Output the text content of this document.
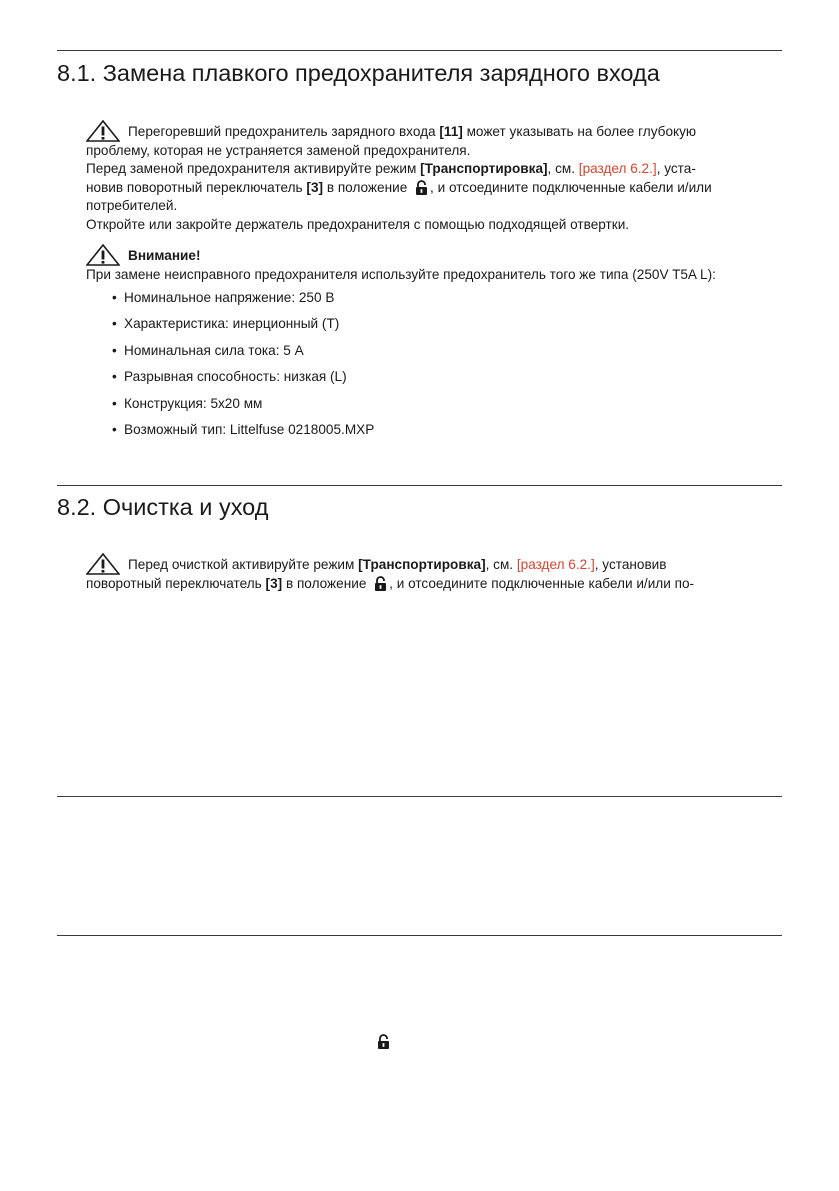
8.1. Замена плавкого предохранителя зарядного входа
Перегоревший предохранитель зарядного входа [11] может указывать на более глубокую
проблему, которая не устраняется заменой предохранителя.
Перед заменой предохранителя активируйте режим [Транспортировка], см. [раздел 6.2.], уста-
новив поворотный переключатель [3] в положение
, и отсоедините подключенные кабели и/или
потребителей.
Откройте или закройте держатель предохранителя с помощью подходящей отвертки.
Внимание!
При замене неисправного предохранителя используйте предохранитель того же типа (250V T5A L):
• Номинальное напряжение: 250 В
• Характеристика: инерционный (T)
• Номинальная сила тока: 5 A
• Разрывная способность: низкая (L)
• Конструкция: 5x20 мм
• Возможный тип: Littelfuse 0218005.MXP
8.2. Очистка и уход
Перед очисткой активируйте режим [Транспортировка], см. [раздел 6.2.], установив
поворотный переключатель [3] в положение
, и отсоедините подключенные кабели и/или по-
